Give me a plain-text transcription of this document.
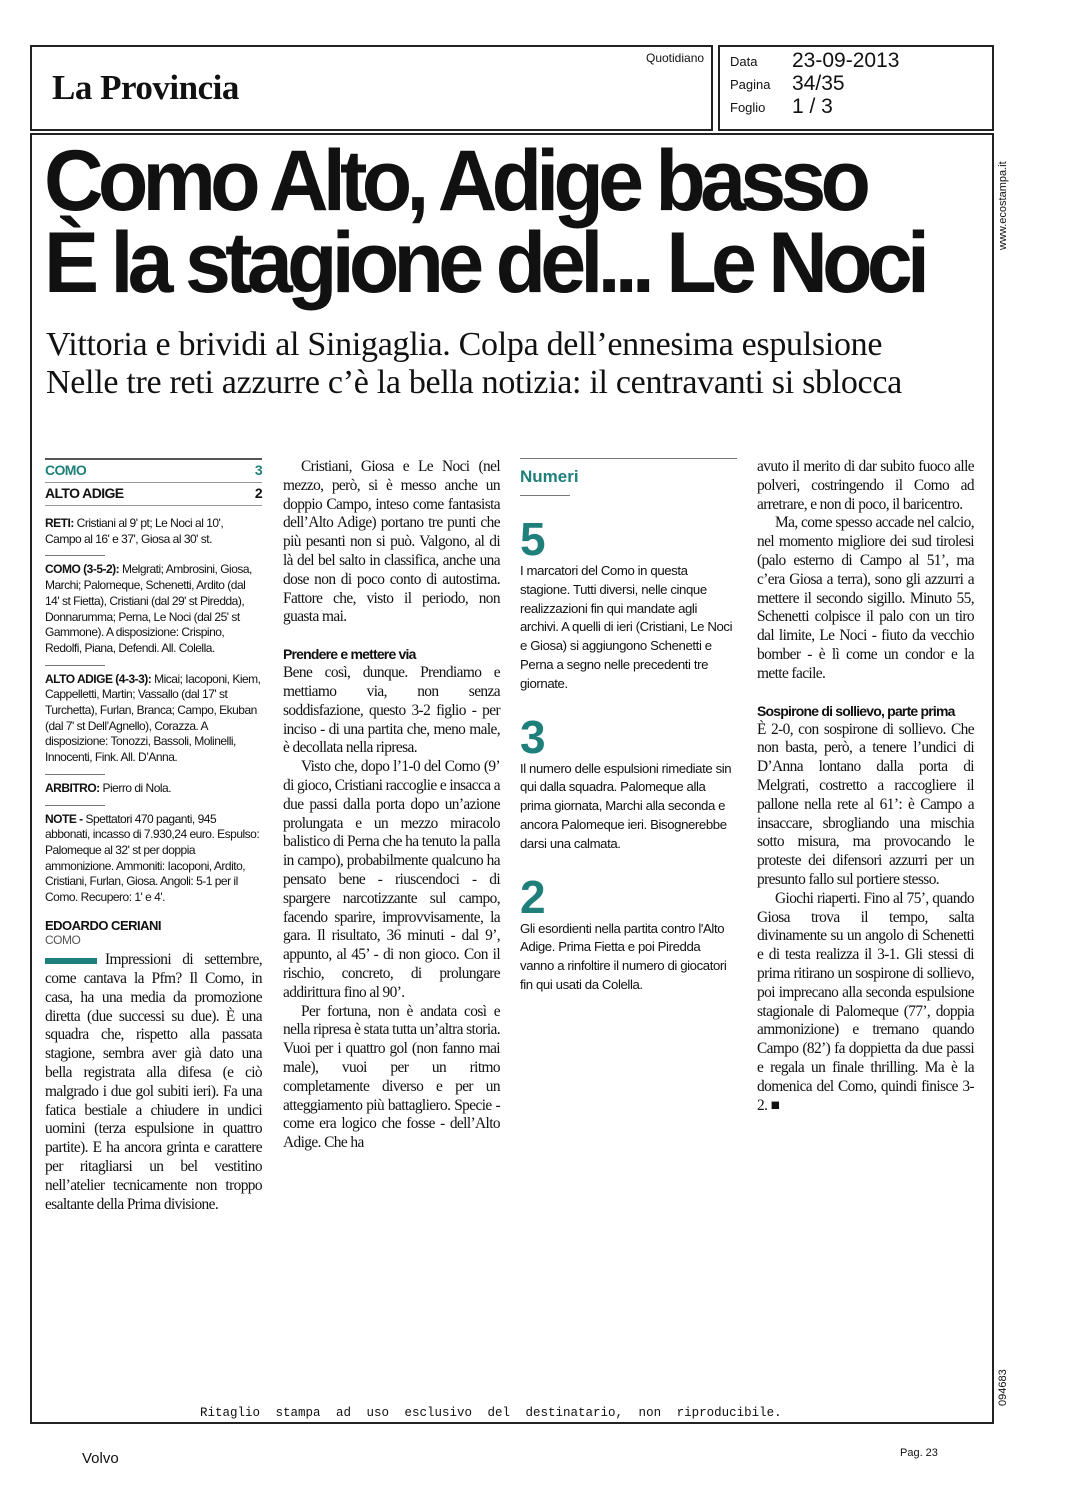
La Provincia
Quotidiano Data 23-09-2013
Pagina 34/35
Foglio 1 / 3
www.ecostampa.it
094683
Como Alto, Adige basso
È la stagione del... Le Noci
Vittoria e brividi al Sinigaglia. Colpa dell’ennesima espulsione
Nelle tre reti azzurre c’è la bella notizia: il centravanti si sblocca
COMO	3
ALTO ADIGE	2
RETI: Cristiani al 9' pt; Le Noci al 10', Campo al 16' e 37', Giosa al 30' st.
COMO (3-5-2): Melgrati; Ambrosini, Giosa, Marchi; Palomeque, Schenetti, Ardito (dal 14' st Fietta), Cristiani (dal 29' st Piredda), Donnarumma; Perna, Le Noci (dal 25' st Gammone). A disposizione: Crispino, Redolfi, Piana, Defendi. All. Colella.
ALTO ADIGE (4-3-3): Micai; Iacoponi, Kiem, Cappelletti, Martin; Vassallo (dal 17' st Turchetta), Furlan, Branca; Campo, Ekuban (dal 7' st Dell’Agnello), Corazza. A disposizione: Tonozzi, Bassoli, Molinelli, Innocenti, Fink. All. D’Anna.
ARBITRO: Pierro di Nola.
NOTE - Spettatori 470 paganti, 945 abbonati, incasso di 7.930,24 euro. Espulso: Palomeque al 32' st per doppia ammonizione. Ammoniti: Iacoponi, Ardito, Cristiani, Furlan, Giosa. Angoli: 5-1 per il Como. Recupero: 1' e 4'.
EDOARDO CERIANI
COMO

Impressioni di settembre, come cantava la Pfm? Il Como, in casa, ha una media da promozione diretta (due successi su due). È una squadra che, rispetto alla passata stagione, sembra aver già dato una bella registrata alla difesa (e ciò malgrado i due gol subiti ieri). Fa una fatica bestiale a chiudere in undici uomini (terza espulsione in quattro partite). E ha ancora grinta e carattere per ritagliarsi un bel vestitino nell’atelier tecnicamente non troppo esaltante della Prima divisione.

Cristiani, Giosa e Le Noci (nel mezzo, però, si è messo anche un doppio Campo, inteso come fantasista dell’Alto Adige) portano tre punti che più pesanti non si può. Valgono, al di là del bel salto in classifica, anche una dose non di poco conto di autostima. Fattore che, visto il periodo, non guasta mai.

Prendere e mettere via

Bene così, dunque. Prendiamo e mettiamo via, non senza soddisfazione, questo 3-2 figlio - per inciso - di una partita che, meno male, è decollata nella ripresa.

Visto che, dopo l’1-0 del Como (9’ di gioco, Cristiani raccoglie e insacca a due passi dalla porta dopo un’azione prolungata e un mezzo miracolo balistico di Perna che ha tenuto la palla in campo), probabilmente qualcuno ha pensato bene - riuscendoci - di spargere narcotizzante sul campo, facendo sparire, improvvisamente, la gara. Il risultato, 36 minuti - dal 9’, appunto, al 45’ - di non gioco. Con il rischio, concreto, di prolungare addirittura fino al 90’.

Per fortuna, non è andata così e nella ripresa è stata tutta un’altra storia. Vuoi per i quattro gol (non fanno mai male), vuoi per un ritmo completamente diverso e per un atteggiamento più battagliero. Specie - come era logico che fosse - dell’Alto Adige. Che ha

Numeri
5
I marcatori del Como in questa stagione. Tutti diversi, nelle cinque realizzazioni fin qui mandate agli archivi. A quelli di ieri (Cristiani, Le Noci e Giosa) si aggiungono Schenetti e Perna a segno nelle precedenti tre giornate.
3
Il numero delle espulsioni rimediate sin qui dalla squadra. Palomeque alla prima giornata, Marchi alla seconda e ancora Palomeque ieri. Bisognerebbe darsi una calmata.
2
Gli esordienti nella partita contro l'Alto Adige. Prima Fietta e poi Piredda vanno a rinfoltire il numero di giocatori fin qui usati da Colella.

avuto il merito di dar subito fuoco alle polveri, costringendo il Como ad arretrare, e non di poco, il baricentro.

Ma, come spesso accade nel calcio, nel momento migliore dei sud tirolesi (palo esterno di Campo al 51’, ma c’era Giosa a terra), sono gli azzurri a mettere il secondo sigillo. Minuto 55, Schenetti colpisce il palo con un tiro dal limite, Le Noci - fiuto da vecchio bomber - è lì come un condor e la mette facile.

Sospirone di sollievo, parte prima

È 2-0, con sospirone di sollievo. Che non basta, però, a tenere l’undici di D’Anna lontano dalla porta di Melgrati, costretto a raccogliere il pallone nella rete al 61’: è Campo a insaccare, sbrogliando una mischia sotto misura, ma provocando le proteste dei difensori azzurri per un presunto fallo sul portiere stesso.

Giochi riaperti. Fino al 75’, quando Giosa trova il tempo, salta divinamente su un angolo di Schenetti e di testa realizza il 3-1. Gli stessi di prima ritirano un sospirone di sollievo, poi imprecano alla seconda espulsione stagionale di Palomeque (77’, doppia ammonizione) e tremano quando Campo (82’) fa doppietta da due passi e regala un finale thrilling. Ma è la domenica del Como, quindi finisce 3-2. ■

Ritaglio stampa ad uso esclusivo del destinatario, non riproducibile.
Volvo	Pag. 23
